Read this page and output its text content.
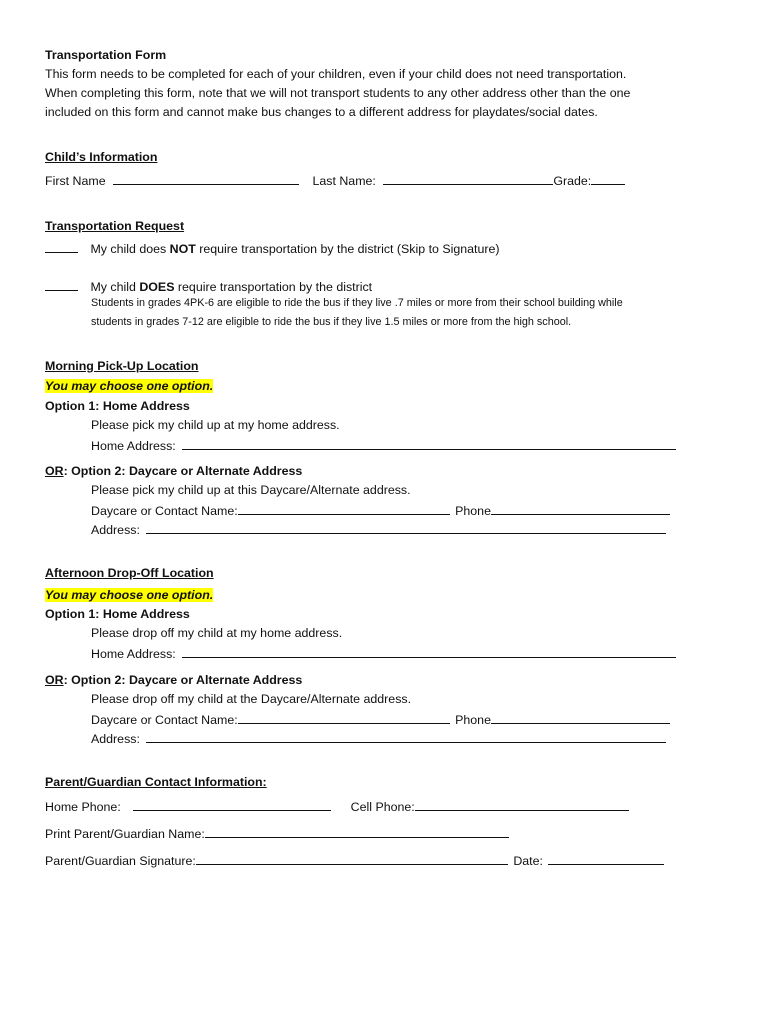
Transportation Form
This form needs to be completed for each of your children, even if your child does not need transportation.
When completing this form, note that we will not transport students to any other address other than the one
included on this form and cannot make bus changes to a different address for playdates/social dates.
Child’s Information
First Name	Last Name:	Grade:
Transportation Request
My child does NOT require transportation by the district (Skip to Signature)
My child DOES require transportation by the district
Students in grades 4PK-6 are eligible to ride the bus if they live .7 miles or more from their school building while
students in grades 7-12 are eligible to ride the bus if they live 1.5 miles or more from the high school.
Morning Pick-Up Location
You may choose one option.
Option 1: Home Address
Please pick my child up at my home address.
Home Address:
OR: Option 2: Daycare or Alternate Address
Please pick my child up at this Daycare/Alternate address.
Daycare or Contact Name:	Phone
Address:
Afternoon Drop-Off Location
You may choose one option.
Option 1: Home Address
Please drop off my child at my home address.
Home Address:
OR: Option 2: Daycare or Alternate Address
Please drop off my child at the Daycare/Alternate address.
Daycare or Contact Name:	Phone
Address:
Parent/Guardian Contact Information:
Home Phone:	Cell Phone:
Print Parent/Guardian Name:
Parent/Guardian Signature:	Date:
